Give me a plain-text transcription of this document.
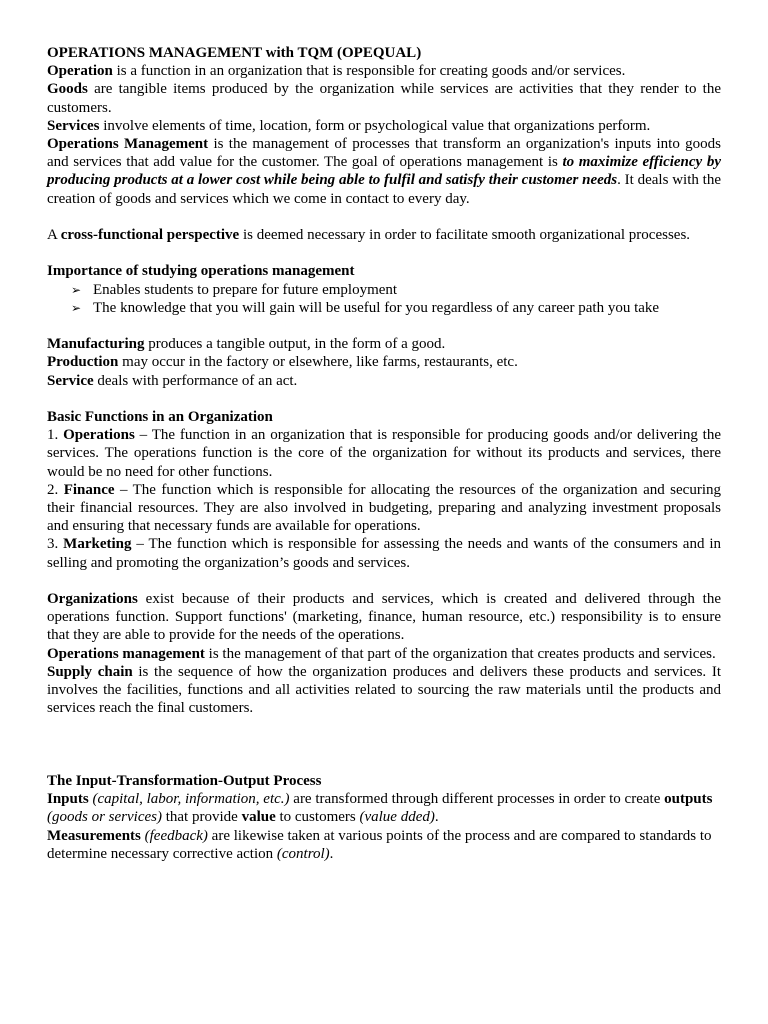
OPERATIONS MANAGEMENT with TQM (OPEQUAL)

Operation is a function in an organization that is responsible for creating goods and/or services.

Goods are tangible items produced by the organization while services are activities that they render to the customers.

Services involve elements of time, location, form or psychological value that organizations perform.

Operations Management is the management of processes that transform an organization's inputs into goods and services that add value for the customer. The goal of operations management is to maximize efficiency by producing products at a lower cost while being able to fulfil and satisfy their customer needs. It deals with the creation of goods and services which we come in contact to every day.

A cross-functional perspective is deemed necessary in order to facilitate smooth organizational processes.

Importance of studying operations management

➢ Enables students to prepare for future employment
➢ The knowledge that you will gain will be useful for you regardless of any career path you take

Manufacturing produces a tangible output, in the form of a good.

Production may occur in the factory or elsewhere, like farms, restaurants, etc.

Service deals with performance of an act.

Basic Functions in an Organization

1. Operations – The function in an organization that is responsible for producing goods and/or delivering the services. The operations function is the core of the organization for without its products and services, there would be no need for other functions.

2. Finance – The function which is responsible for allocating the resources of the organization and securing their financial resources. They are also involved in budgeting, preparing and analyzing investment proposals and ensuring that necessary funds are available for operations.

3. Marketing – The function which is responsible for assessing the needs and wants of the consumers and in selling and promoting the organization’s goods and services.

Organizations exist because of their products and services, which is created and delivered through the operations function. Support functions' (marketing, finance, human resource, etc.) responsibility is to ensure that they are able to provide for the needs of the operations.

Operations management is the management of that part of the organization that creates products and services.

Supply chain is the sequence of how the organization produces and delivers these products and services. It involves the facilities, functions and all activities related to sourcing the raw materials until the products and services reach the final customers.

The Input-Transformation-Output Process

Inputs (capital, labor, information, etc.) are transformed through different processes in order to create outputs (goods or services) that provide value to customers (value dded).

Measurements (feedback) are likewise taken at various points of the process and are compared to standards to determine necessary corrective action (control).
